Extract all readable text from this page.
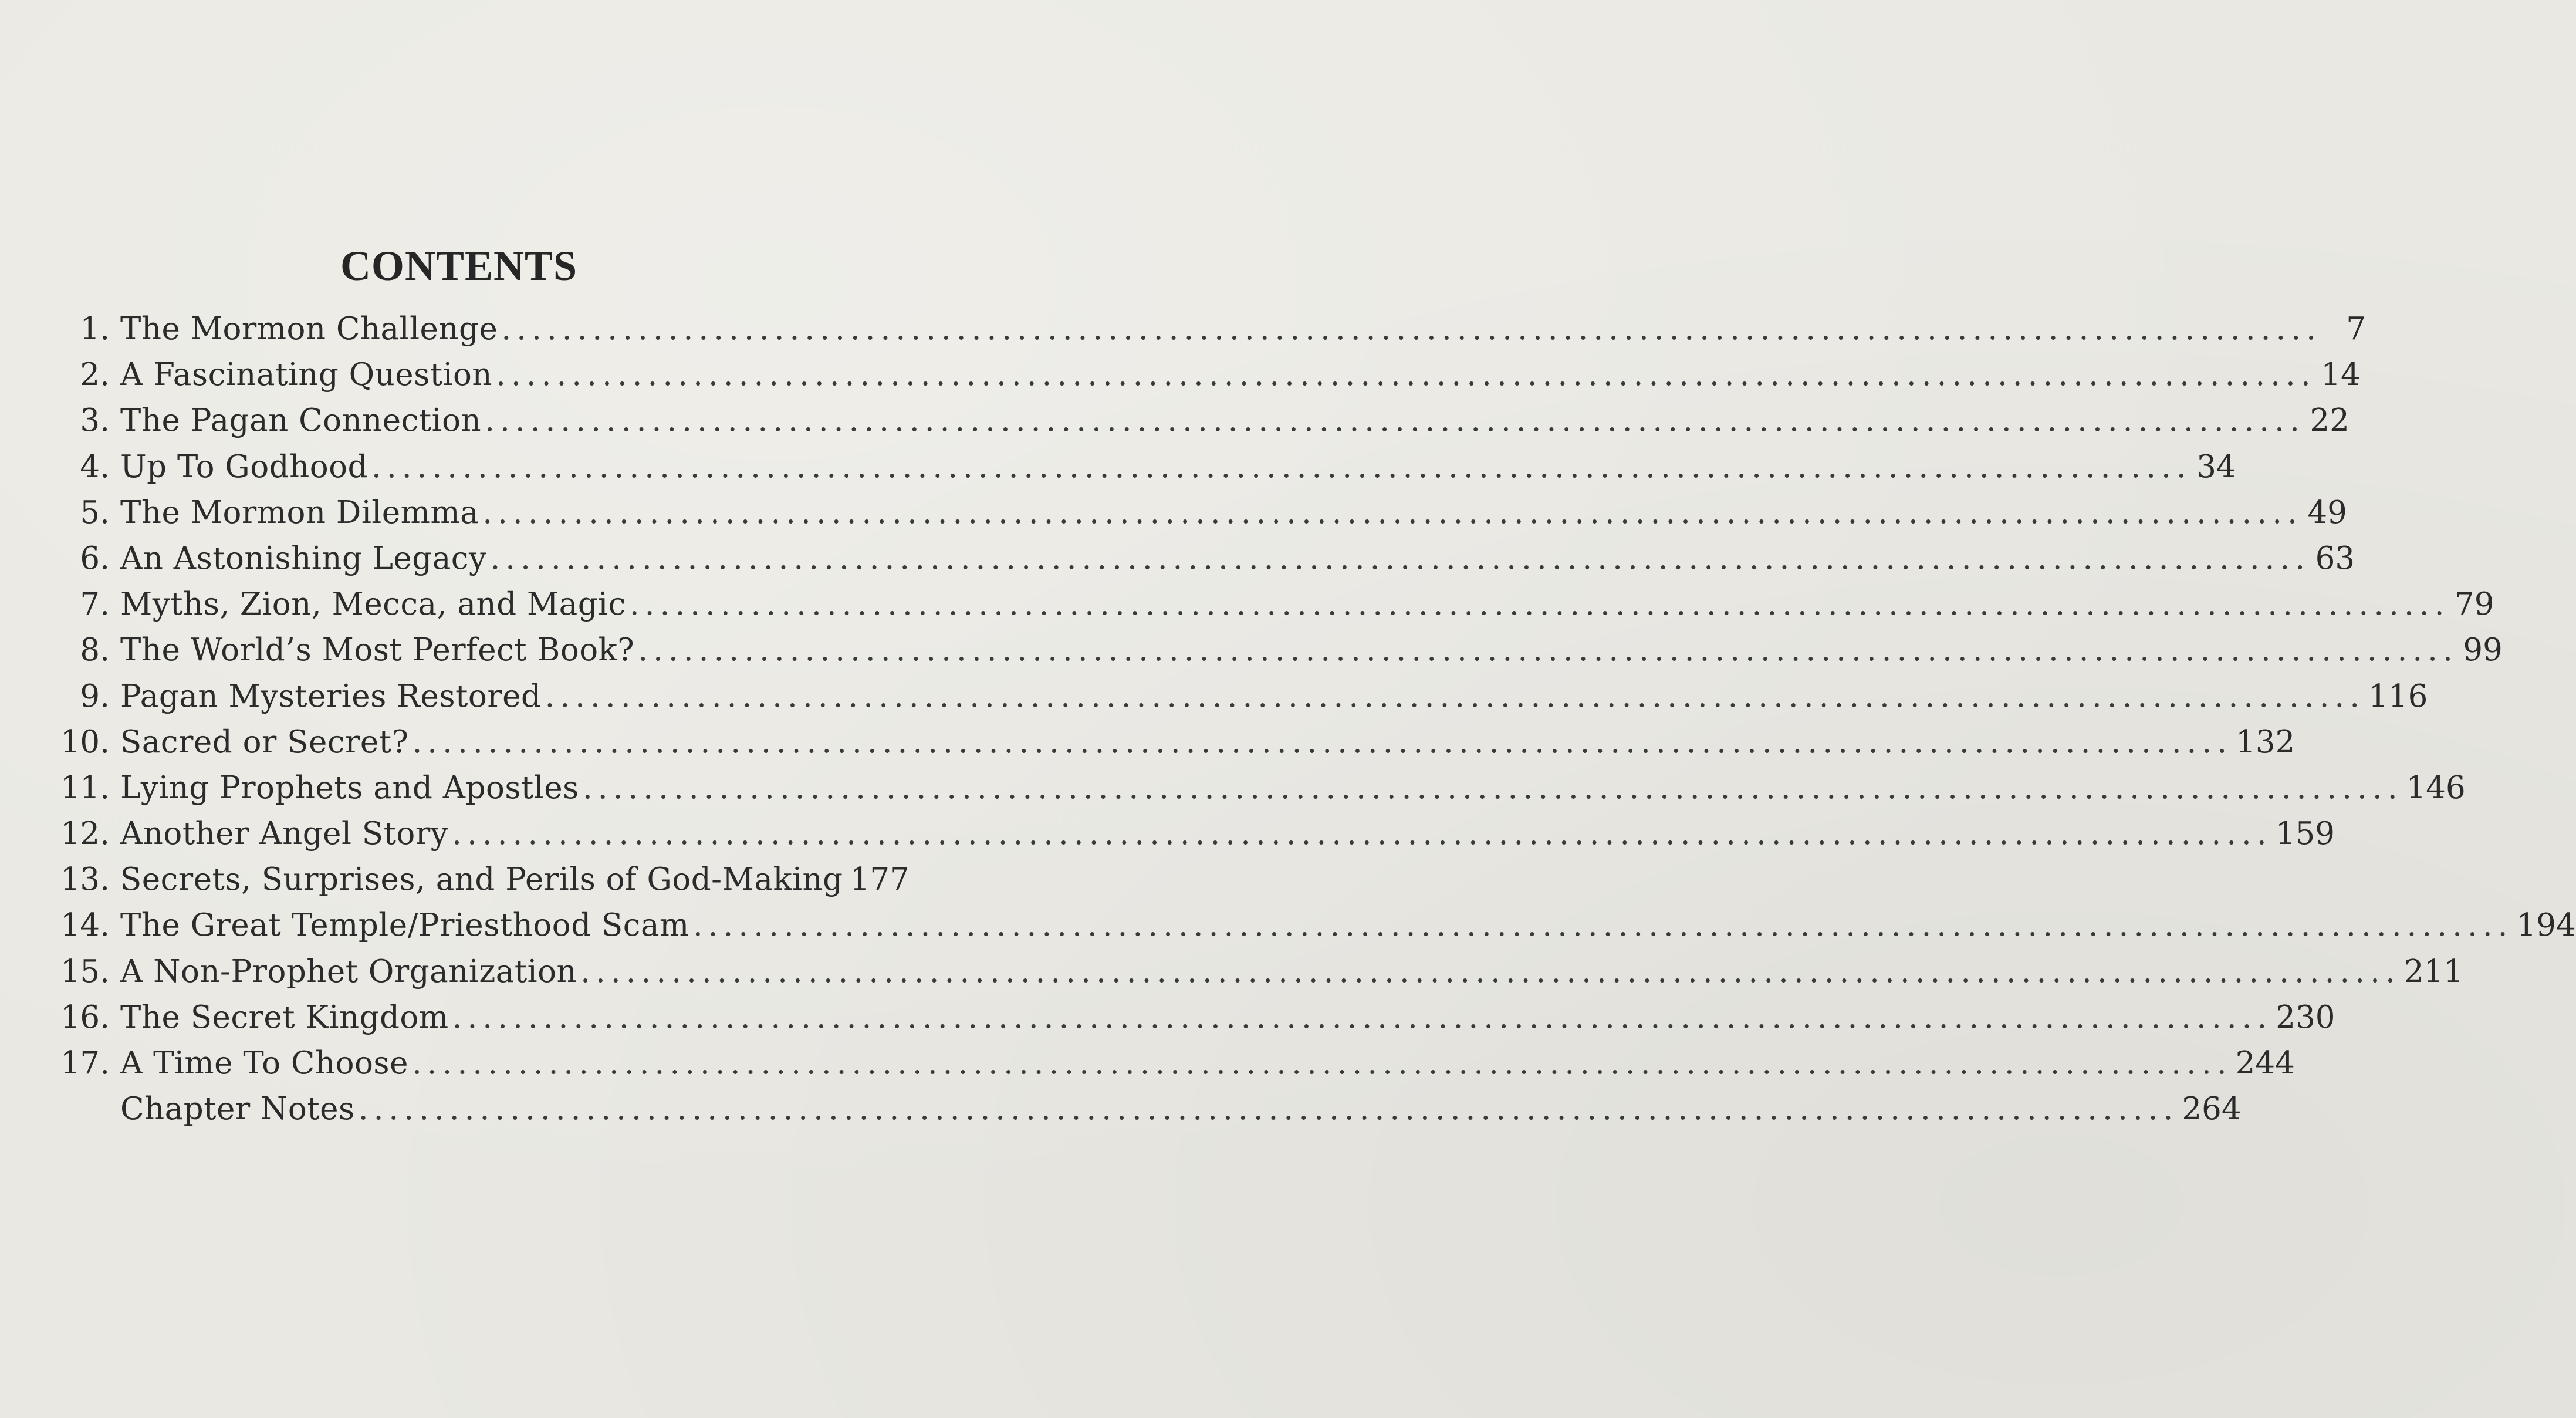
CONTENTS
1. The Mormon Challenge ........................................................................................................................ 7
2. A Fascinating Question ........................................................................................................................ 14
3. The Pagan Connection ........................................................................................................................ 22
4. Up To Godhood ........................................................................................................................ 34
5. The Mormon Dilemma ........................................................................................................................ 49
6. An Astonishing Legacy ........................................................................................................................ 63
7. Myths, Zion, Mecca, and Magic ........................................................................................................................ 79
8. The World’s Most Perfect Book? ........................................................................................................................ 99
9. Pagan Mysteries Restored ........................................................................................................................ 116
10. Sacred or Secret? ........................................................................................................................ 132
11. Lying Prophets and Apostles ........................................................................................................................ 146
12. Another Angel Story ........................................................................................................................ 159
13. Secrets, Surprises, and Perils of God-Making 177
14. The Great Temple/Priesthood Scam ........................................................................................................................ 194
15. A Non-Prophet Organization ........................................................................................................................ 211
16. The Secret Kingdom ........................................................................................................................ 230
17. A Time To Choose ........................................................................................................................ 244
Chapter Notes ........................................................................................................................ 264
